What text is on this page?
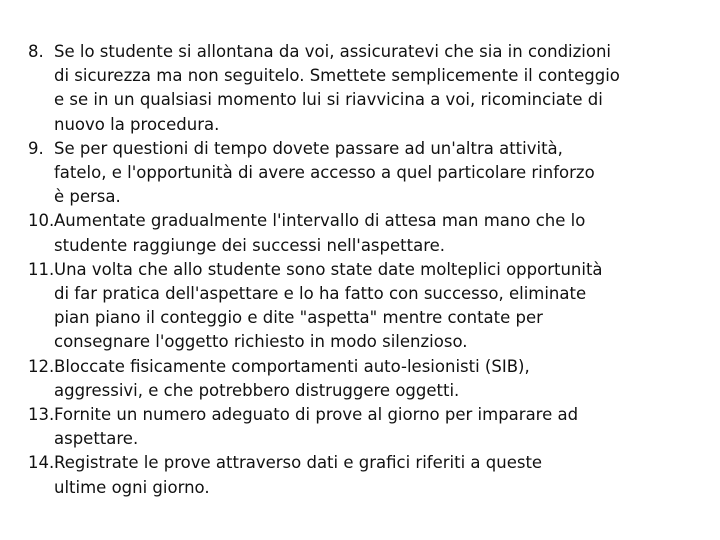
8. Se lo studente si allontana da voi, assicuratevi che sia in condizioni
di sicurezza ma non seguitelo. Smettete semplicemente il conteggio
e se in un qualsiasi momento lui si riavvicina a voi, ricominciate di
nuovo la procedura.
9. Se per questioni di tempo dovete passare ad un'altra attività,
fatelo, e l'opportunità di avere accesso a quel particolare rinforzo
è persa.
10. Aumentate gradualmente l'intervallo di attesa man mano che lo
studente raggiunge dei successi nell'aspettare.
11. Una volta che allo studente sono state date molteplici opportunità
di far pratica dell'aspettare e lo ha fatto con successo, eliminate
pian piano il conteggio e dite "aspetta" mentre contate per
consegnare l'oggetto richiesto in modo silenzioso.
12. Bloccate fisicamente comportamenti auto-lesionisti (SIB),
aggressivi, e che potrebbero distruggere oggetti.
13. Fornite un numero adeguato di prove al giorno per imparare ad
aspettare.
14. Registrate le prove attraverso dati e grafici riferiti a queste
ultime ogni giorno.
